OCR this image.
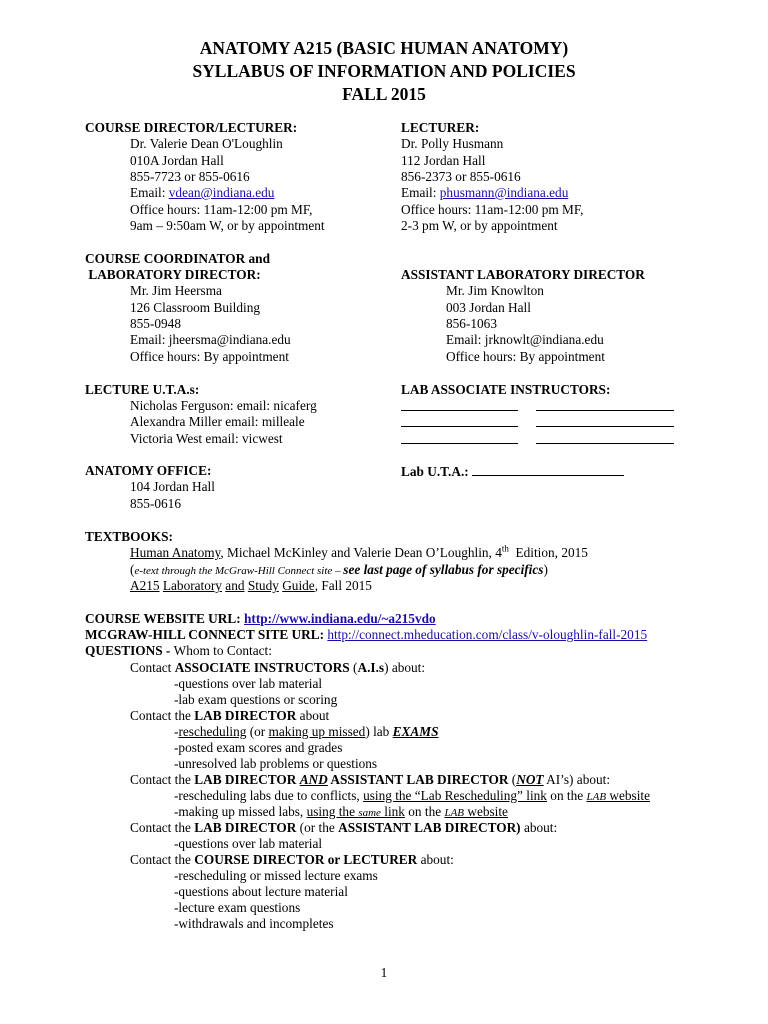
ANATOMY A215 (BASIC HUMAN ANATOMY)
SYLLABUS OF INFORMATION AND POLICIES
FALL 2015
COURSE DIRECTOR/LECTURER:
Dr. Valerie Dean O'Loughlin
010A Jordan Hall
855-7723 or 855-0616
Email: vdean@indiana.edu
Office hours: 11am-12:00 pm MF,
9am – 9:50am W, or by appointment
LECTURER:
Dr. Polly Husmann
112 Jordan Hall
856-2373 or 855-0616
Email: phusmann@indiana.edu
Office hours: 11am-12:00 pm MF,
2-3 pm W, or by appointment
COURSE COORDINATOR and
LABORATORY DIRECTOR:
Mr. Jim Heersma
126 Classroom Building
855-0948
Email: jheersma@indiana.edu
Office hours: By appointment
ASSISTANT LABORATORY DIRECTOR
Mr. Jim Knowlton
003 Jordan Hall
856-1063
Email: jrknowlt@indiana.edu
Office hours: By appointment
LECTURE U.T.A.s:
Nicholas Ferguson: email: nicaferg
Alexandra Miller email: milleale
Victoria West email: vicwest
LAB ASSOCIATE INSTRUCTORS:
ANATOMY OFFICE:
104 Jordan Hall
855-0616
Lab U.T.A.:
TEXTBOOKS:
Human Anatomy, Michael McKinley and Valerie Dean O’Loughlin, 4th  Edition, 2015
(e-text through the McGraw-Hill Connect site – see last page of syllabus for specifics)
A215 Laboratory and Study Guide, Fall 2015
COURSE WEBSITE URL: http://www.indiana.edu/~a215vdo
MCGRAW-HILL CONNECT SITE URL: http://connect.mheducation.com/class/v-oloughlin-fall-2015
QUESTIONS - Whom to Contact:
Contact ASSOCIATE INSTRUCTORS (A.I.s) about:
-questions over lab material
-lab exam questions or scoring
Contact the LAB DIRECTOR about
-rescheduling (or making up missed) lab EXAMS
-posted exam scores and grades
-unresolved lab problems or questions
Contact the LAB DIRECTOR AND ASSISTANT LAB DIRECTOR (NOT AI’s) about:
-rescheduling labs due to conflicts, using the “Lab Rescheduling” link on the LAB website
-making up missed labs, using the same link on the LAB website
Contact the LAB DIRECTOR (or the ASSISTANT LAB DIRECTOR) about:
-questions over lab material
Contact the COURSE DIRECTOR or LECTURER about:
-rescheduling or missed lecture exams
-questions about lecture material
-lecture exam questions
-withdrawals and incompletes
1
